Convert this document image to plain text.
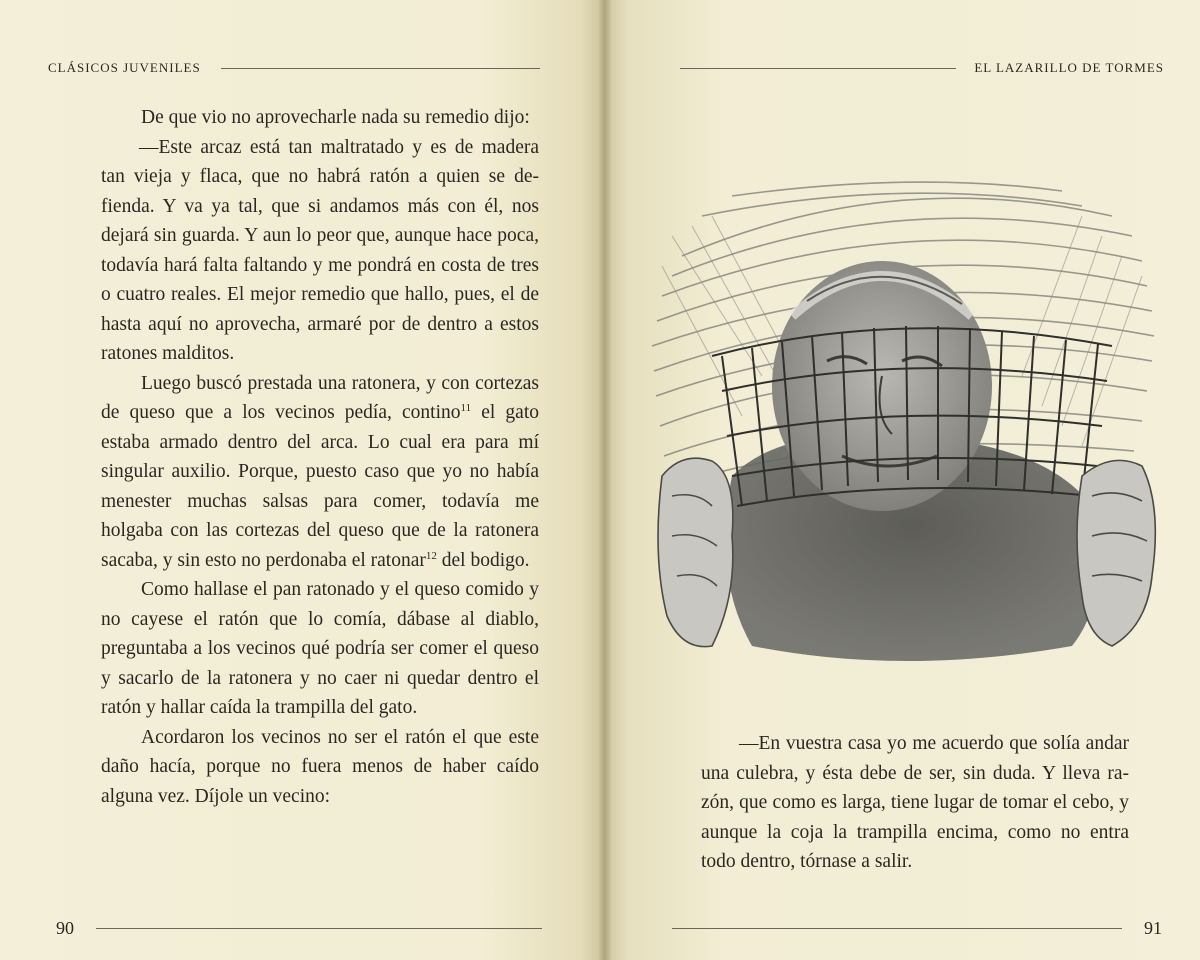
CLÁSICOS JUVENILES

De que vio no aprovecharle nada su remedio dijo:

—Este arcaz está tan maltratado y es de madera tan vieja y flaca, que no habrá ratón a quien se defienda. Y va ya tal, que si andamos más con él, nos dejará sin guarda. Y aun lo peor que, aunque hace poca, todavía hará falta faltando y me pondrá en costa de tres o cuatro reales. El mejor remedio que hallo, pues, el de hasta aquí no aprovecha, armaré por de dentro a estos ratones malditos.

Luego buscó prestada una ratonera, y con cortezas de queso que a los vecinos pedía, contino$^{11}$ el gato estaba armado dentro del arca. Lo cual era para mí singular auxilio. Porque, puesto caso que yo no había menester muchas salsas para comer, todavía me holgaba con las cortezas del queso que de la ratonera sacaba, y sin esto no perdonaba el ratonar$^{12}$ del bodigo.

Como hallase el pan ratonado y el queso comido y no cayese el ratón que lo comía, dábase al diablo, preguntaba a los vecinos qué podría ser comer el queso y sacarlo de la ratonera y no caer ni quedar dentro el ratón y hallar caída la trampilla del gato.

Acordaron los vecinos no ser el ratón el que este daño hacía, porque no fuera menos de haber caído alguna vez. Díjole un vecino:

90
EL LAZARILLO DE TORMES

—En vuestra casa yo me acuerdo que solía andar una culebra, y ésta debe de ser, sin duda. Y lleva razón, que como es larga, tiene lugar de tomar el cebo, y aunque la coja la trampilla encima, como no entra todo dentro, tórnase a salir.

91
